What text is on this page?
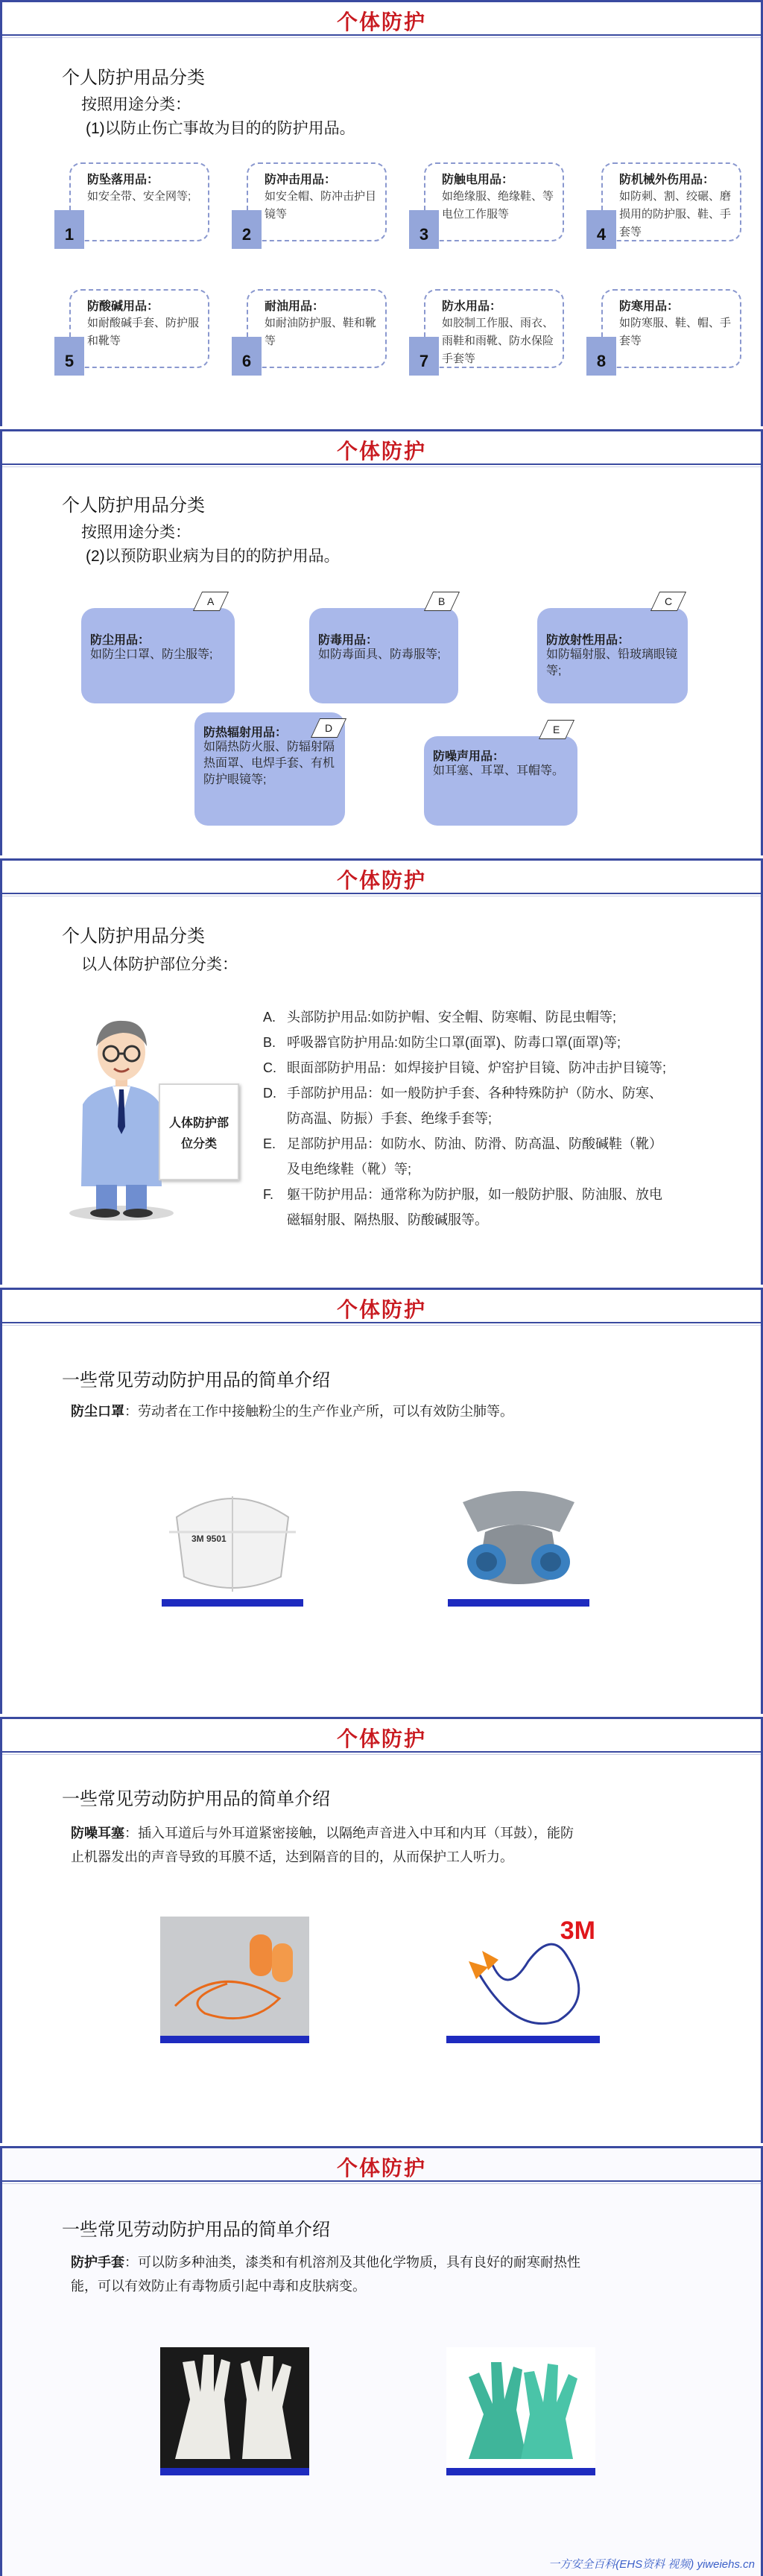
个体防护
个人防护用品分类
按照用途分类：
(1)以防止伤亡事故为目的的防护用品。
防坠落用品：
如安全带、安全网等;
1
防冲击用品：
如安全帽、防冲击护目镜等
2
防触电用品：
如绝缘服、绝缘鞋、等电位工作服等
3
防机械外伤用品：
如防刺、割、绞碾、磨损用的防护服、鞋、手套等
4
防酸碱用品：
如耐酸碱手套、防护服和靴等
5
耐油用品：
如耐油防护服、鞋和靴等
6
防水用品：
如胶制工作服、雨衣、雨鞋和雨靴、防水保险手套等
7
防寒用品：
如防寒服、鞋、帽、手套等
8
个体防护
个人防护用品分类
按照用途分类：
(2)以预防职业病为目的的防护用品。
防尘用品：
如防尘口罩、防尘服等;
A
防毒用品：
如防毒面具、防毒服等;
B
防放射性用品：
如防辐射服、铅玻璃眼镜等;
C
防热辐射用品：
如隔热防火服、防辐射隔热面罩、电焊手套、有机防护眼镜等;
D
防噪声用品：
如耳塞、耳罩、耳帽等。
E
个体防护
个人防护用品分类
以人体防护部位分类：
人体防护部位分类
A. 头部防护用品:如防护帽、安全帽、防寒帽、防昆虫帽等;
B. 呼吸器官防护用品:如防尘口罩(面罩)、防毒口罩(面罩)等;
C. 眼面部防护用品：如焊接护目镜、炉窑护目镜、防冲击护目镜等;
D. 手部防护用品：如一般防护手套、各种特殊防护（防水、防寒、
防高温、防振）手套、绝缘手套等;
E. 足部防护用品：如防水、防油、防滑、防高温、防酸碱鞋（靴）
及电绝缘鞋（靴）等;
F. 躯干防护用品：通常称为防护服，如一般防护服、防油服、放电
磁辐射服、隔热服、防酸碱服等。
个体防护
一些常见劳动防护用品的简单介绍
防尘口罩：劳动者在工作中接触粉尘的生产作业产所，可以有效防尘肺等。
3M 9501
个体防护
一些常见劳动防护用品的简单介绍
防噪耳塞：插入耳道后与外耳道紧密接触，以隔绝声音进入中耳和内耳（耳鼓），能防
止机器发出的声音导致的耳膜不适，达到隔音的目的，从而保护工人听力。
3M
个体防护
一些常见劳动防护用品的简单介绍
防护手套：可以防多种油类，漆类和有机溶剂及其他化学物质，具有良好的耐寒耐热性
能，可以有效防止有毒物质引起中毒和皮肤病变。
一方安全百科(EHS资料 视频) yiweiehs.cn
